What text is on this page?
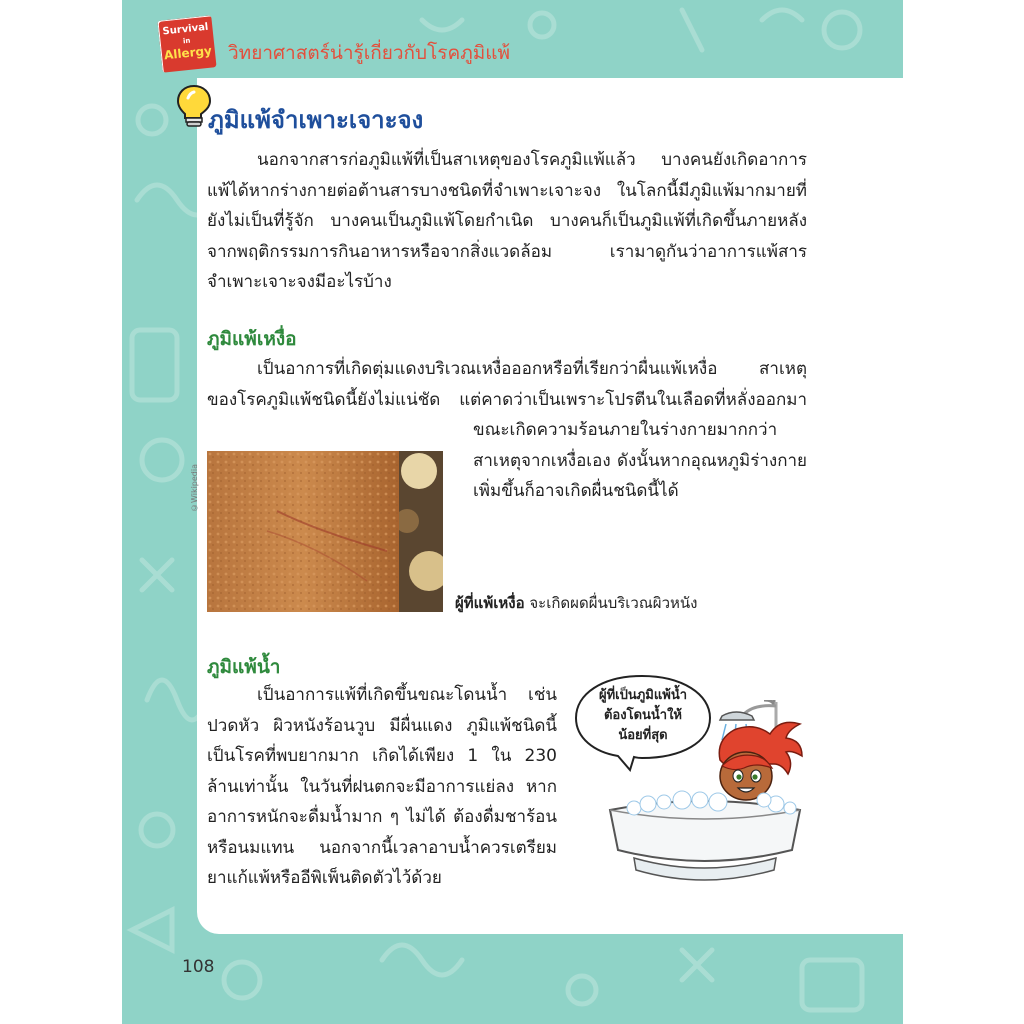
Survival
in
Allergy วิทยาศาสตร์น่ารู้เกี่ยวกับโรคภูมิแพ้
ภูมิแพ้จำเพาะเจาะจง
นอกจากสารก่อภูมิแพ้ที่เป็นสาเหตุของโรคภูมิแพ้แล้ว บางคนยังเกิดอาการ
แพ้ได้หากร่างกายต่อต้านสารบางชนิดที่จำเพาะเจาะจง ในโลกนี้มีภูมิแพ้มากมายที่
ยังไม่เป็นที่รู้จัก บางคนเป็นภูมิแพ้โดยกำเนิด บางคนก็เป็นภูมิแพ้ที่เกิดขึ้นภายหลัง
จากพฤติกรรมการกินอาหารหรือจากสิ่งแวดล้อม เรามาดูกันว่าอาการแพ้สาร
จำเพาะเจาะจงมีอะไรบ้าง
ภูมิแพ้เหงื่อ
เป็นอาการที่เกิดตุ่มแดงบริเวณเหงื่อออกหรือที่เรียกว่าผื่นแพ้เหงื่อ สาเหตุ
ของโรคภูมิแพ้ชนิดนี้ยังไม่แน่ชัด แต่คาดว่าเป็นเพราะโปรตีนในเลือดที่หลั่งออกมา
ขณะเกิดความร้อนภายในร่างกายมากกว่า
สาเหตุจากเหงื่อเอง ดังนั้นหากอุณหภูมิร่างกาย
เพิ่มขึ้นก็อาจเกิดผื่นชนิดนี้ได้
©Wikipedia
ผู้ที่แพ้เหงื่อ จะเกิดผดผื่นบริเวณผิวหนัง
ภูมิแพ้น้ำ
เป็นอาการแพ้ที่เกิดขึ้นขณะโดนน้ำ เช่น
ปวดหัว ผิวหนังร้อนวูบ มีผื่นแดง ภูมิแพ้ชนิดนี้
เป็นโรคที่พบยากมาก เกิดได้เพียง 1 ใน 230
ล้านเท่านั้น ในวันที่ฝนตกจะมีอาการแย่ลง หาก
อาการหนักจะดื่มน้ำมาก ๆ ไม่ได้ ต้องดื่มชาร้อน
หรือนมแทน นอกจากนี้เวลาอาบน้ำควรเตรียม
ยาแก้แพ้หรืออีพิเพ็นติดตัวไว้ด้วย
ผู้ที่เป็นภูมิแพ้น้ำ
ต้องโดนน้ำให้
น้อยที่สุด
108
